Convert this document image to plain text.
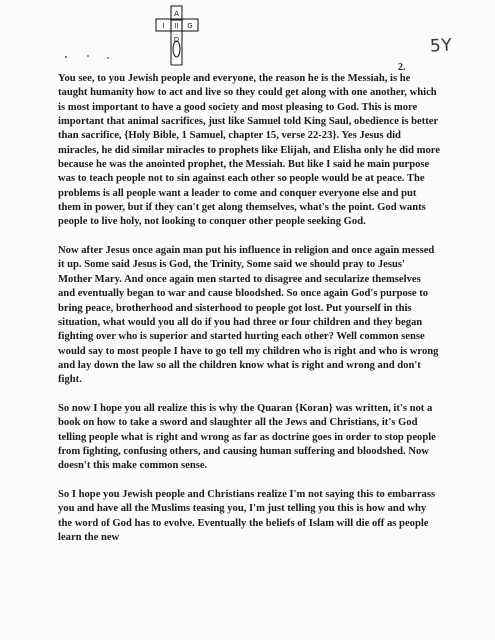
A
I II G
D	5Y
2.

You see, to you Jewish people and everyone, the reason he is the Messiah, is he taught humanity how to act and live so they could get along with one another, which is most important to have a good society and most pleasing to God. This is more important that animal sacrifices, just like Samuel told King Saul, obedience is better than sacrifice, {Holy Bible, 1 Samuel, chapter 15, verse 22-23}. Yes Jesus did miracles, he did similar miracles to prophets like Elijah, and Elisha only he did more because he was the anointed prophet, the Messiah. But like I said he main purpose was to teach people not to sin against each other so people would be at peace. The problems is all people want a leader to come and conquer everyone else and put them in power, but if they can't get along themselves, what's the point. God wants people to live holy, not looking to conquer other people seeking God.

Now after Jesus once again man put his influence in religion and once again messed it up. Some said Jesus is God, the Trinity, Some said we should pray to Jesus' Mother Mary. And once again men started to disagree and secularize themselves and eventually began to war and cause bloodshed. So once again God's purpose to bring peace, brotherhood and sisterhood to people got lost. Put yourself in this situation, what would you all do if you had three or four children and they began fighting over who is superior and started hurting each other? Well common sense would say to most people I have to go tell my children who is right and who is wrong and lay down the law so all the children know what is right and wrong and don't fight.

So now I hope you all realize this is why the Quaran {Koran} was written, it's not a book on how to take a sword and slaughter all the Jews and Christians, it's God telling people what is right and wrong as far as doctrine goes in order to stop people from fighting, confusing others, and causing human suffering and bloodshed. Now doesn't this make common sense.

So I hope you Jewish people and Christians realize I'm not saying this to embarrass you and have all the Muslims teasing you, I'm just telling you this is how and why the word of God has to evolve. Eventually the beliefs of Islam will die off as people learn the new
